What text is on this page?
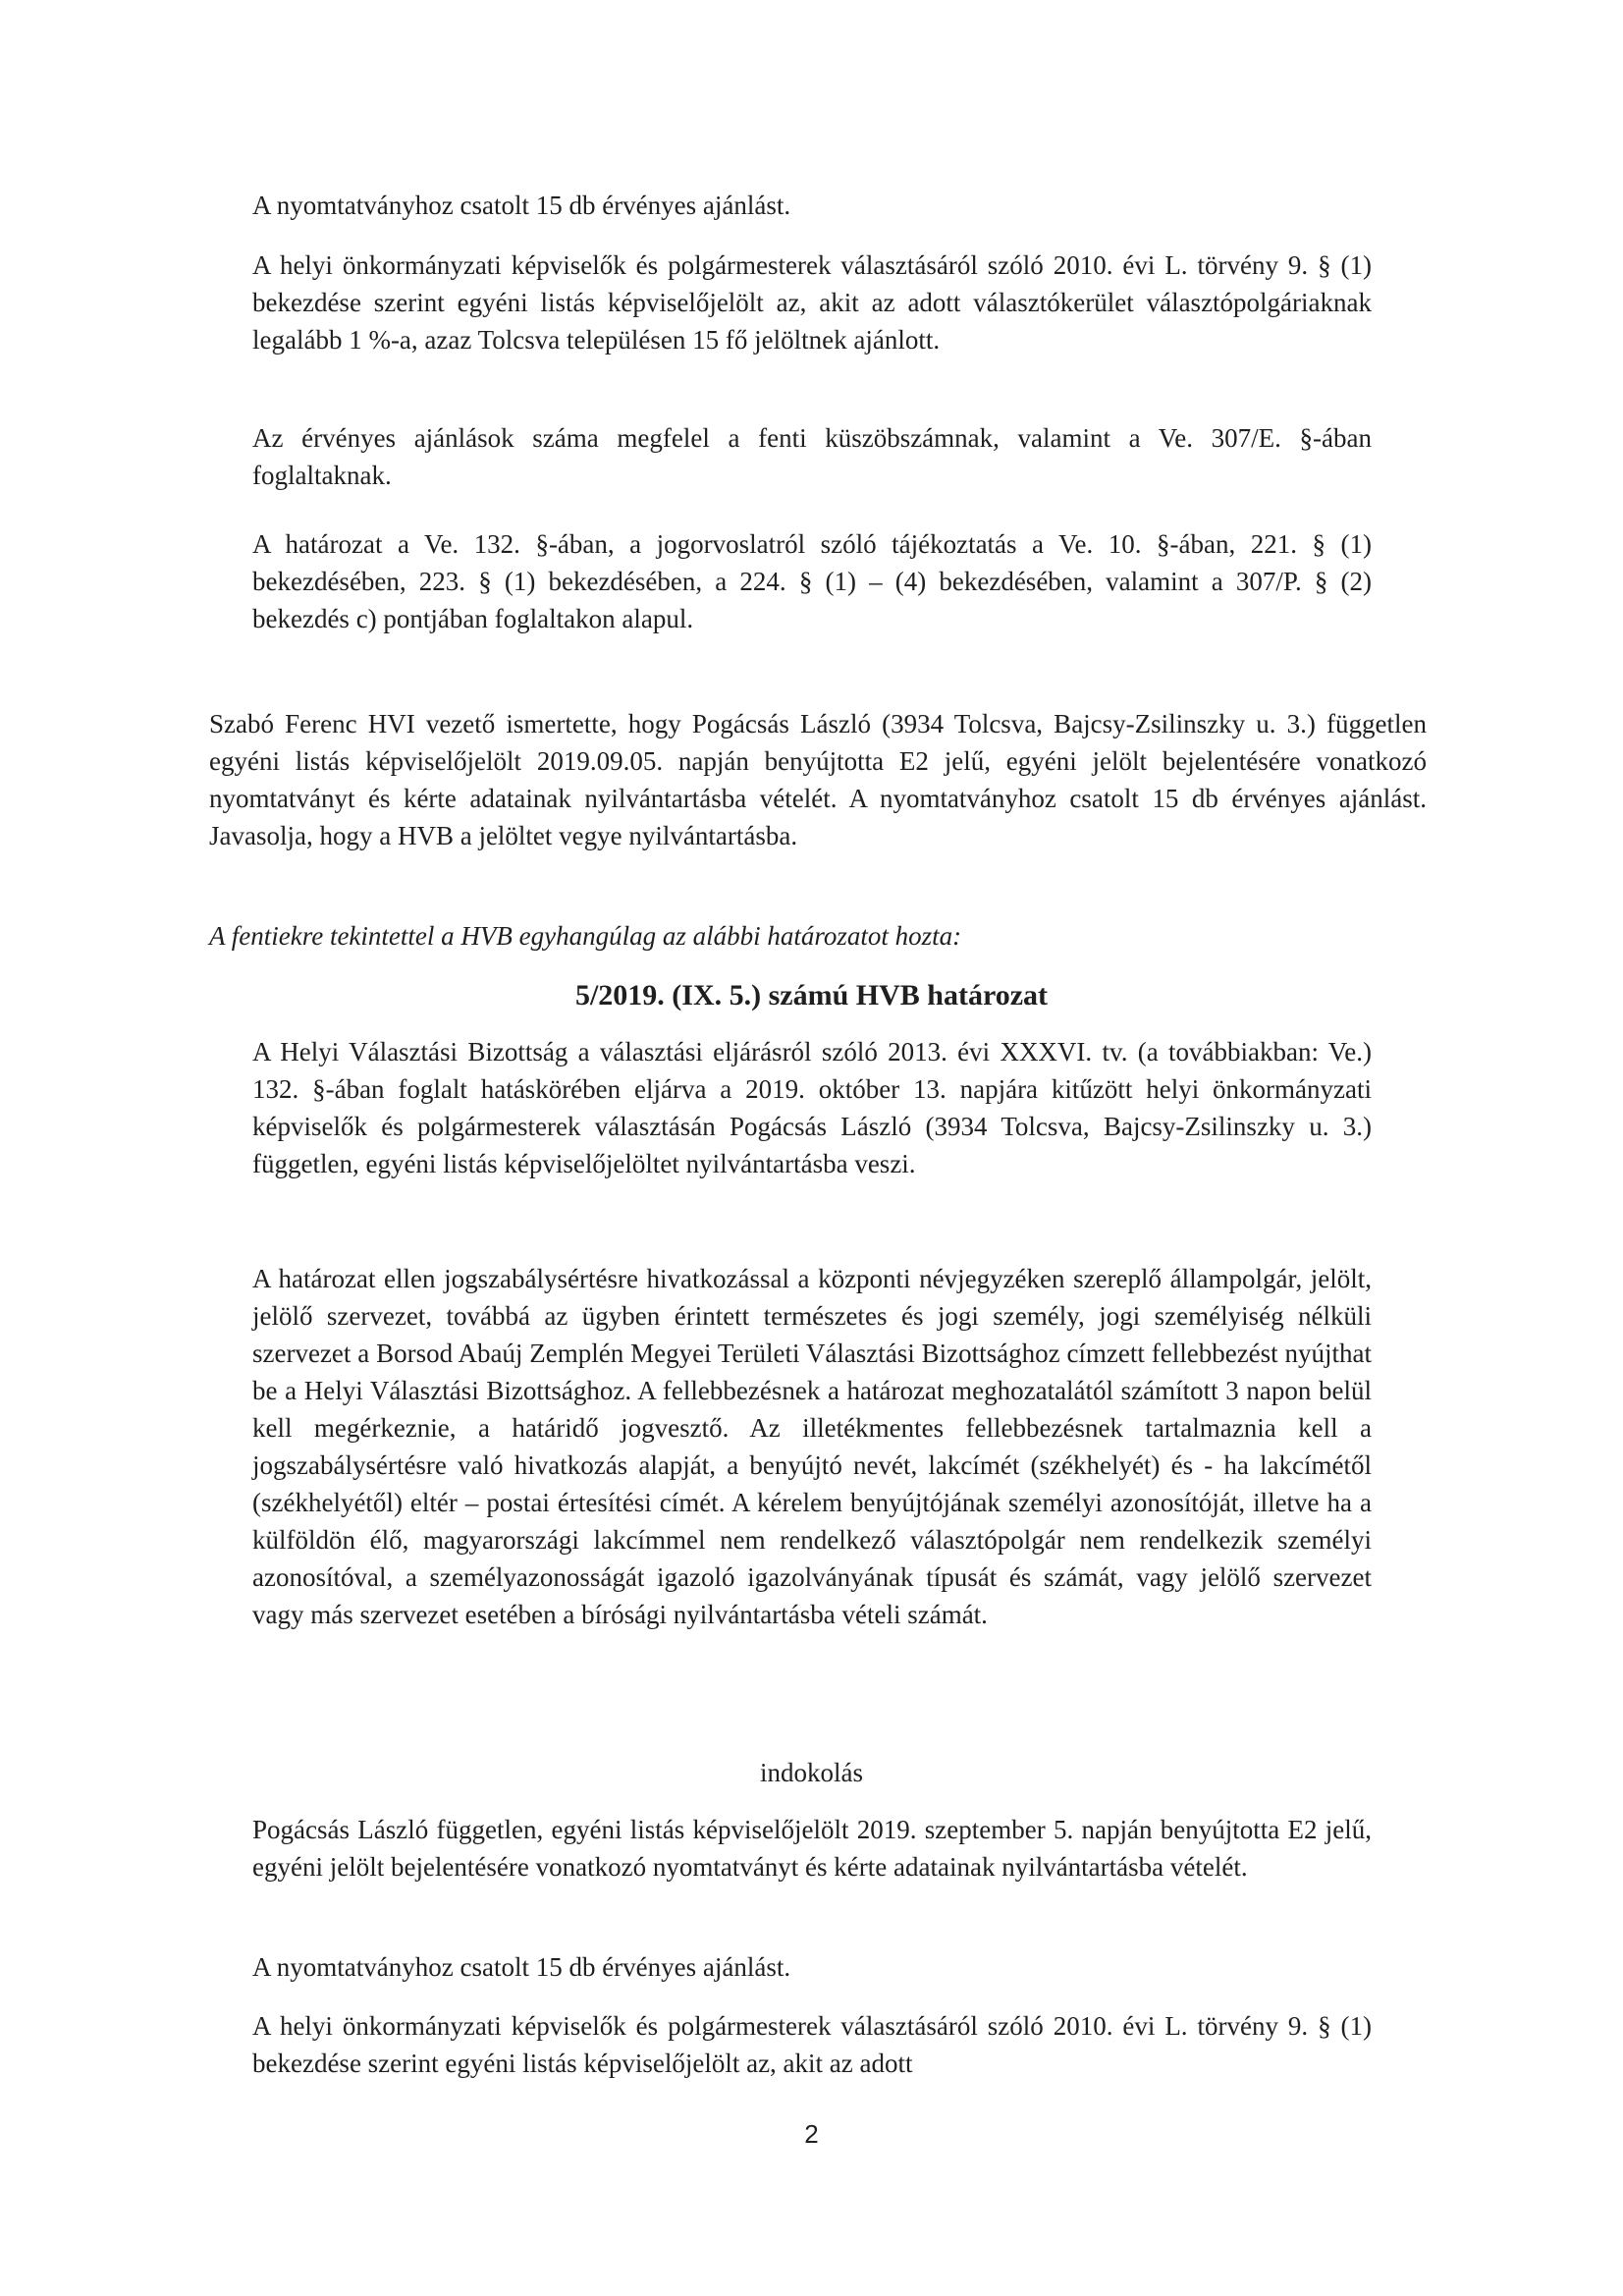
A nyomtatványhoz csatolt 15 db érvényes ajánlást.

A helyi önkormányzati képviselők és polgármesterek választásáról szóló 2010. évi L. törvény 9. § (1) bekezdése szerint egyéni listás képviselőjelölt az, akit az adott választókerület választópolgáriaknak legalább 1 %-a, azaz Tolcsva településen 15 fő jelöltnek ajánlott.

Az érvényes ajánlások száma megfelel a fenti küszöbszámnak, valamint a Ve. 307/E. §-ában foglaltaknak.

A határozat a Ve. 132. §-ában, a jogorvoslatról szóló tájékoztatás a Ve. 10. §-ában, 221. § (1) bekezdésében, 223. § (1) bekezdésében, a 224. § (1) – (4) bekezdésében, valamint a 307/P. § (2) bekezdés c) pontjában foglaltakon alapul.

Szabó Ferenc HVI vezető ismertette, hogy Pogácsás László (3934 Tolcsva, Bajcsy-Zsilinszky u. 3.) független egyéni listás képviselőjelölt 2019.09.05. napján benyújtotta E2 jelű, egyéni jelölt bejelentésére vonatkozó nyomtatványt és kérte adatainak nyilvántartásba vételét. A nyomtatványhoz csatolt 15 db érvényes ajánlást. Javasolja, hogy a HVB a jelöltet vegye nyilvántartásba.

A fentiekre tekintettel a HVB egyhangúlag az alábbi határozatot hozta:

5/2019. (IX. 5.) számú HVB határozat

A Helyi Választási Bizottság a választási eljárásról szóló 2013. évi XXXVI. tv. (a továbbiakban: Ve.) 132. §-ában foglalt hatáskörében eljárva a 2019. október 13. napjára kitűzött helyi önkormányzati képviselők és polgármesterek választásán Pogácsás László (3934 Tolcsva, Bajcsy-Zsilinszky u. 3.) független, egyéni listás képviselőjelöltet nyilvántartásba veszi.

A határozat ellen jogszabálysértésre hivatkozással a központi névjegyzéken szereplő állampolgár, jelölt, jelölő szervezet, továbbá az ügyben érintett természetes és jogi személy, jogi személyiség nélküli szervezet a Borsod Abaúj Zemplén Megyei Területi Választási Bizottsághoz címzett fellebbezést nyújthat be a Helyi Választási Bizottsághoz. A fellebbezésnek a határozat meghozatalától számított 3 napon belül kell megérkeznie, a határidő jogvesztő. Az illetékmentes fellebbezésnek tartalmaznia kell a jogszabálysértésre való hivatkozás alapját, a benyújtó nevét, lakcímét (székhelyét) és - ha lakcímétől (székhelyétől) eltér – postai értesítési címét. A kérelem benyújtójának személyi azonosítóját, illetve ha a külföldön élő, magyarországi lakcímmel nem rendelkező választópolgár nem rendelkezik személyi azonosítóval, a személyazonosságát igazoló igazolványának típusát és számát, vagy jelölő szervezet vagy más szervezet esetében a bírósági nyilvántartásba vételi számát.

indokolás

Pogácsás László független, egyéni listás képviselőjelölt 2019. szeptember 5. napján benyújtotta E2 jelű, egyéni jelölt bejelentésére vonatkozó nyomtatványt és kérte adatainak nyilvántartásba vételét.

A nyomtatványhoz csatolt 15 db érvényes ajánlást.

A helyi önkormányzati képviselők és polgármesterek választásáról szóló 2010. évi L. törvény 9. § (1) bekezdése szerint egyéni listás képviselőjelölt az, akit az adott

2
